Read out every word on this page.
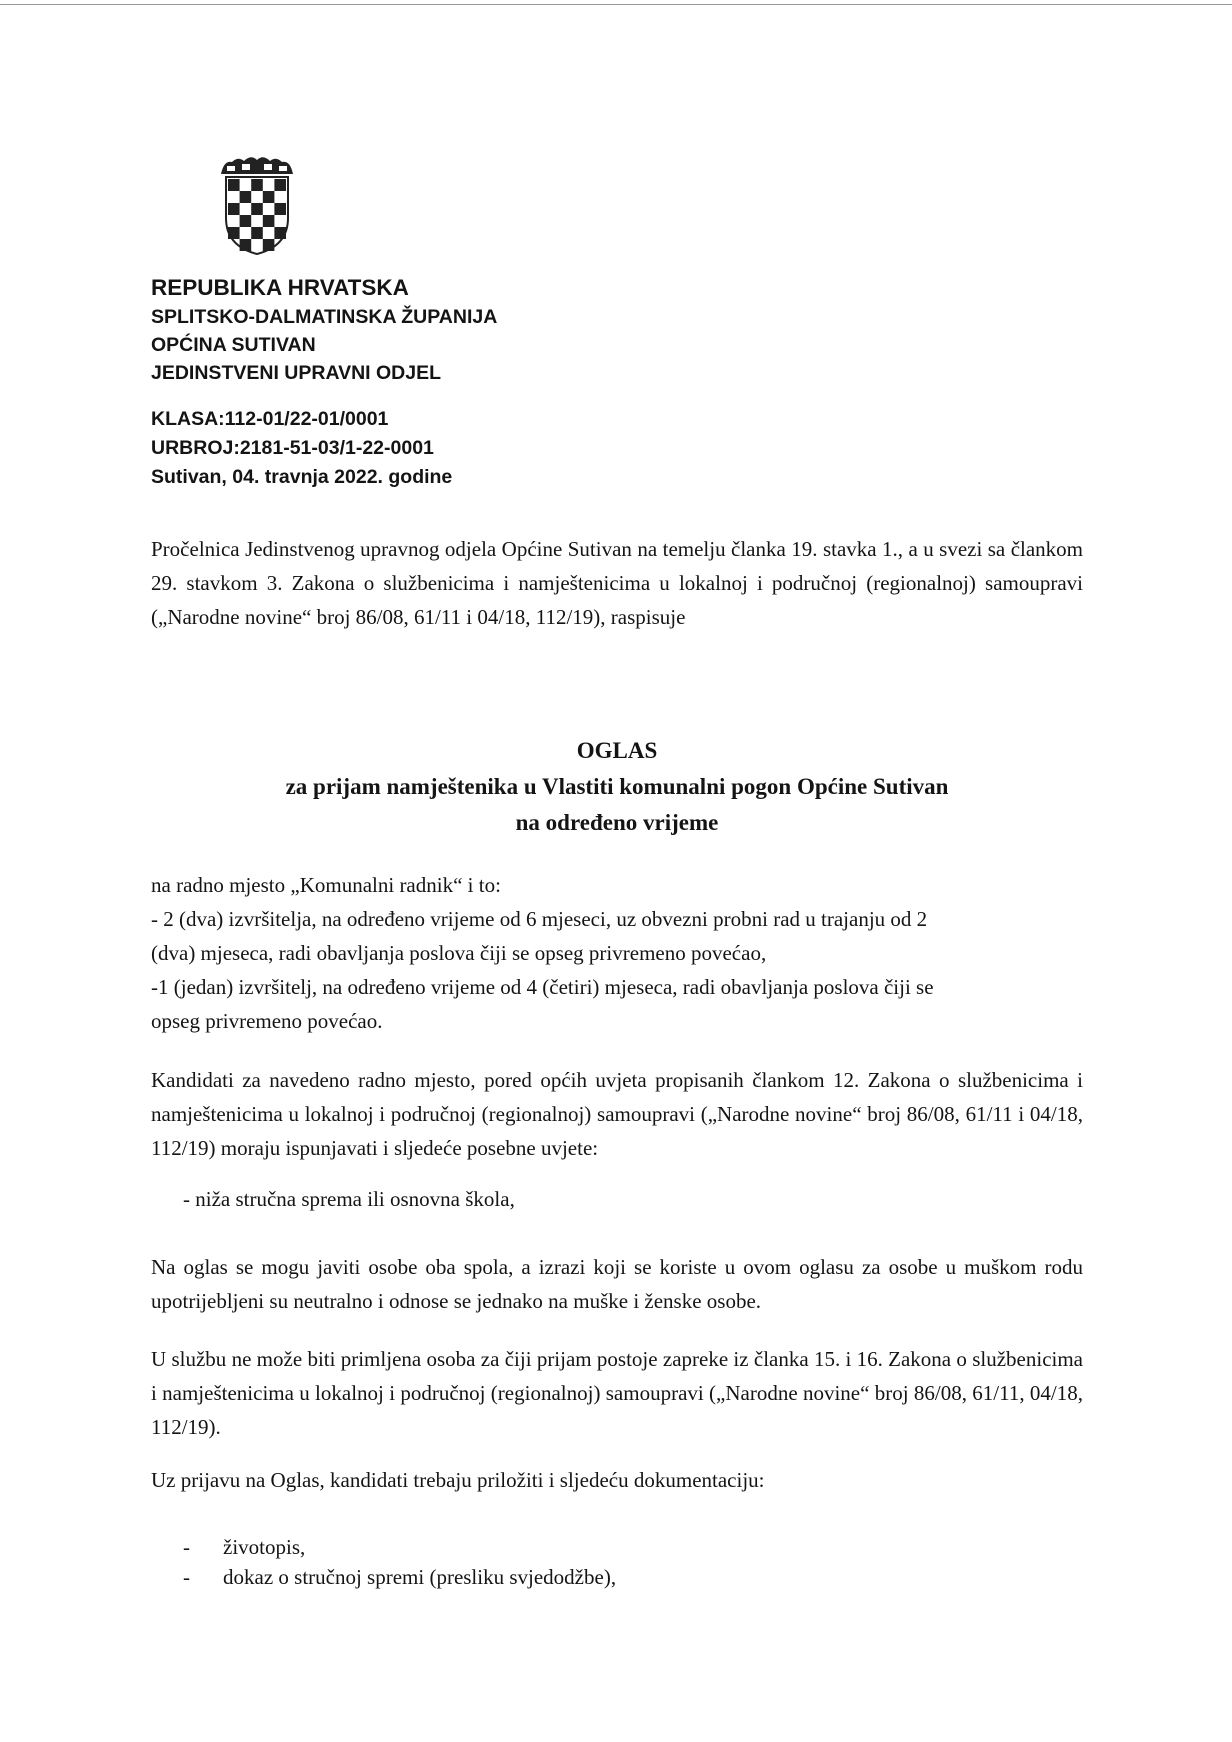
REPUBLIKA HRVATSKA
SPLITSKO-DALMATINSKA ŽUPANIJA
OPĆINA SUTIVAN
JEDINSTVENI UPRAVNI ODJEL
KLASA:112-01/22-01/0001
URBROJ:2181-51-03/1-22-0001
Sutivan, 04. travnja 2022. godine

Pročelnica Jedinstvenog upravnog odjela Općine Sutivan na temelju članka 19. stavka 1., a u svezi sa člankom 29. stavkom 3. Zakona o službenicima i namještenicima u lokalnoj i područnoj (regionalnoj) samoupravi („Narodne novine“ broj 86/08, 61/11 i 04/18, 112/19), raspisuje

OGLAS
za prijam namještenika u Vlastiti komunalni pogon Općine Sutivan
na određeno vrijeme
na radno mjesto „Komunalni radnik“ i to:
- 2 (dva) izvršitelja, na određeno vrijeme od 6 mjeseci, uz obvezni probni rad u trajanju od 2
(dva) mjeseca, radi obavljanja poslova čiji se opseg privremeno povećao,
-1 (jedan) izvršitelj, na određeno vrijeme od 4 (četiri) mjeseca, radi obavljanja poslova čiji se
opseg privremeno povećao.

Kandidati za navedeno radno mjesto, pored općih uvjeta propisanih člankom 12. Zakona o službenicima i namještenicima u lokalnoj i područnoj (regionalnoj) samoupravi („Narodne novine“ broj 86/08, 61/11 i 04/18, 112/19) moraju ispunjavati i sljedeće posebne uvjete:

- niža stručna sprema ili osnovna škola,

Na oglas se mogu javiti osobe oba spola, a izrazi koji se koriste u ovom oglasu za osobe u muškom rodu upotrijebljeni su neutralno i odnose se jednako na muške i ženske osobe.

U službu ne može biti primljena osoba za čiji prijam postoje zapreke iz članka 15. i 16. Zakona o službenicima i namještenicima u lokalnoj i područnoj (regionalnoj) samoupravi („Narodne novine“ broj 86/08, 61/11, 04/18, 112/19).

Uz prijavu na Oglas, kandidati trebaju priložiti i sljedeću dokumentaciju:

-	životopis,
-	dokaz o stručnoj spremi (presliku svjedodžbe),
